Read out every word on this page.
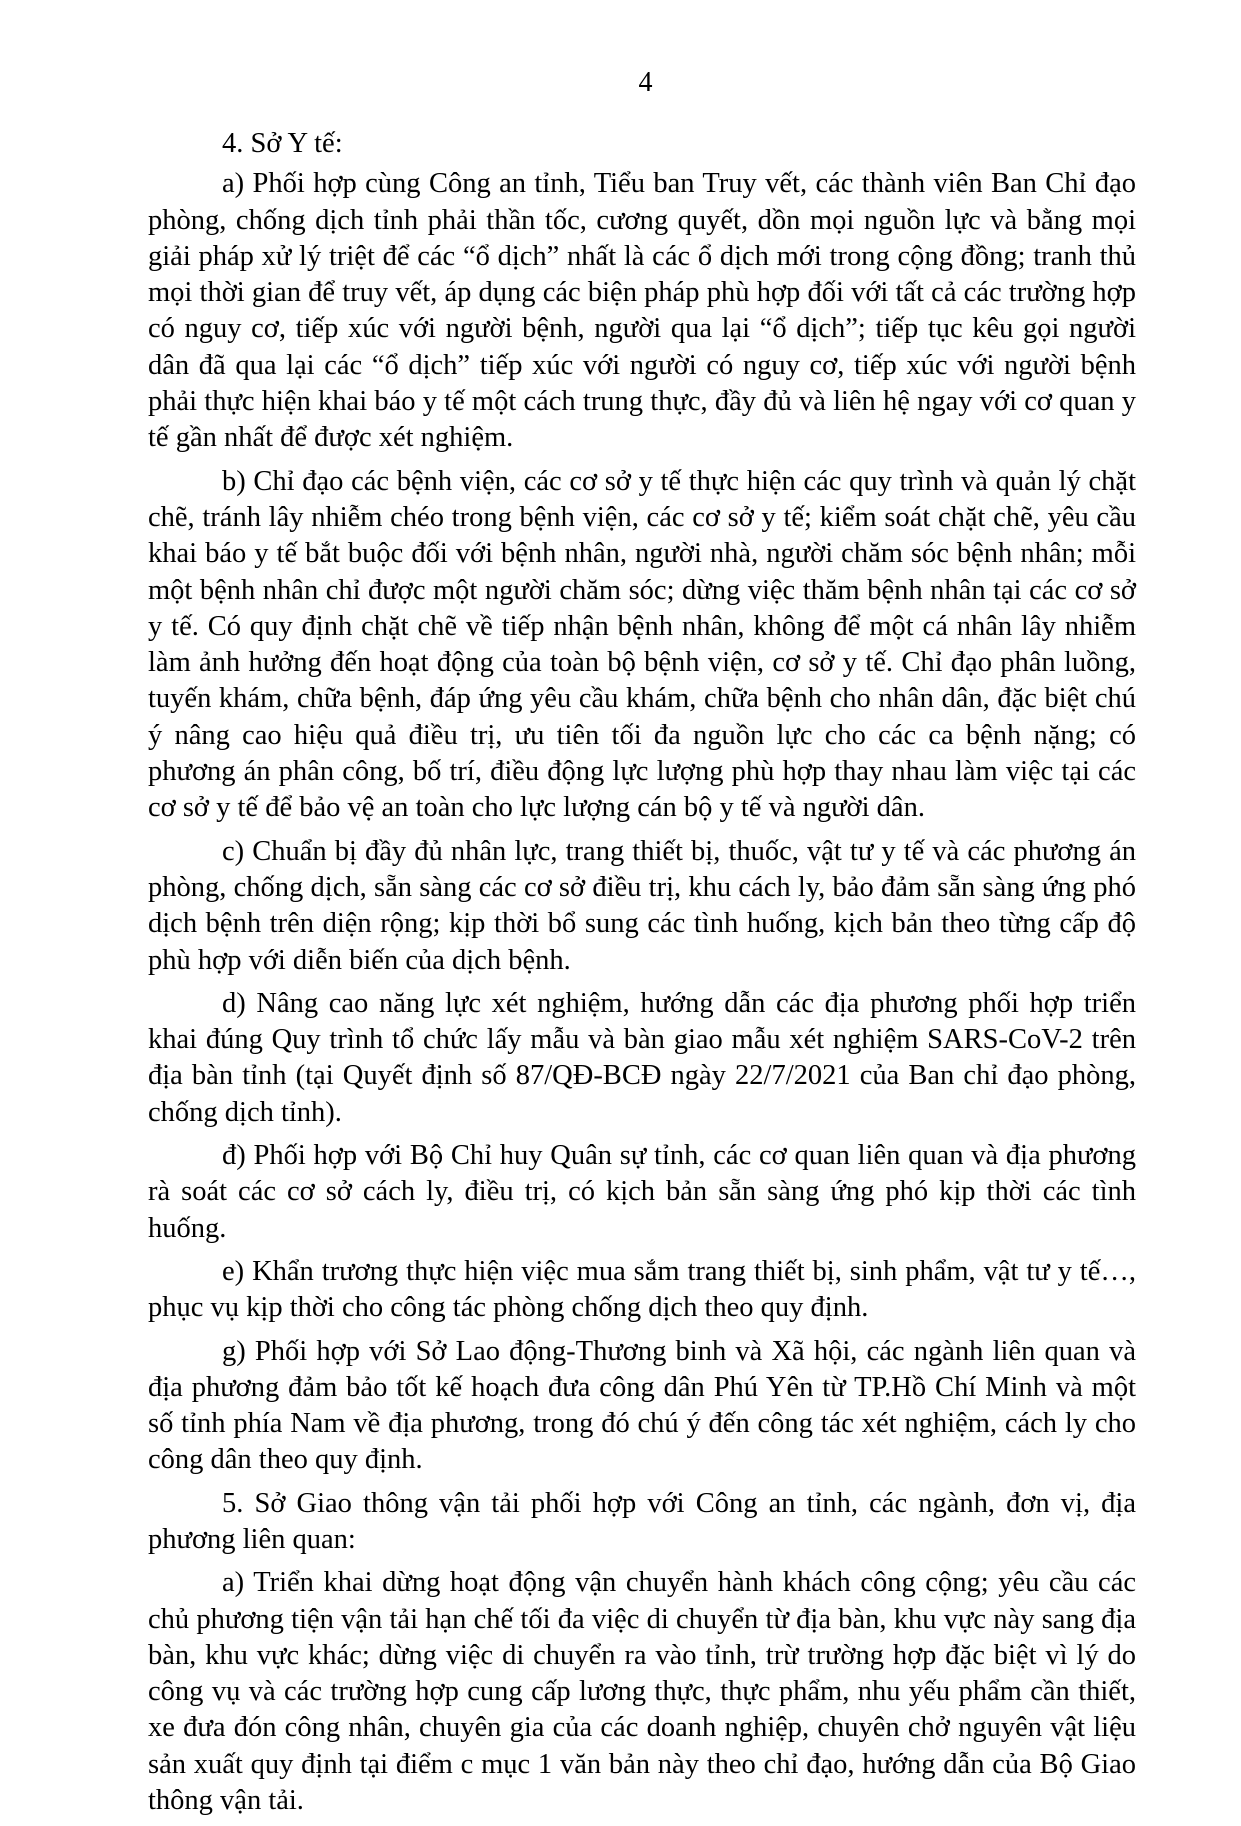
4

4. Sở Y tế:

a) Phối hợp cùng Công an tỉnh, Tiểu ban Truy vết, các thành viên Ban Chỉ đạo phòng, chống dịch tỉnh phải thần tốc, cương quyết, dồn mọi nguồn lực và bằng mọi giải pháp xử lý triệt để các “ổ dịch” nhất là các ổ dịch mới trong cộng đồng; tranh thủ mọi thời gian để truy vết, áp dụng các biện pháp phù hợp đối với tất cả các trường hợp có nguy cơ, tiếp xúc với người bệnh, người qua lại “ổ dịch”; tiếp tục kêu gọi người dân đã qua lại các “ổ dịch” tiếp xúc với người có nguy cơ, tiếp xúc với người bệnh phải thực hiện khai báo y tế một cách trung thực, đầy đủ và liên hệ ngay với cơ quan y tế gần nhất để được xét nghiệm.

b) Chỉ đạo các bệnh viện, các cơ sở y tế thực hiện các quy trình và quản lý chặt chẽ, tránh lây nhiễm chéo trong bệnh viện, các cơ sở y tế; kiểm soát chặt chẽ, yêu cầu khai báo y tế bắt buộc đối với bệnh nhân, người nhà, người chăm sóc bệnh nhân; mỗi một bệnh nhân chỉ được một người chăm sóc; dừng việc thăm bệnh nhân tại các cơ sở y tế. Có quy định chặt chẽ về tiếp nhận bệnh nhân, không để một cá nhân lây nhiễm làm ảnh hưởng đến hoạt động của toàn bộ bệnh viện, cơ sở y tế. Chỉ đạo phân luồng, tuyến khám, chữa bệnh, đáp ứng yêu cầu khám, chữa bệnh cho nhân dân, đặc biệt chú ý nâng cao hiệu quả điều trị, ưu tiên tối đa nguồn lực cho các ca bệnh nặng; có phương án phân công, bố trí, điều động lực lượng phù hợp thay nhau làm việc tại các cơ sở y tế để bảo vệ an toàn cho lực lượng cán bộ y tế và người dân.

c) Chuẩn bị đầy đủ nhân lực, trang thiết bị, thuốc, vật tư y tế và các phương án phòng, chống dịch, sẵn sàng các cơ sở điều trị, khu cách ly, bảo đảm sẵn sàng ứng phó dịch bệnh trên diện rộng; kịp thời bổ sung các tình huống, kịch bản theo từng cấp độ phù hợp với diễn biến của dịch bệnh.

d) Nâng cao năng lực xét nghiệm, hướng dẫn các địa phương phối hợp triển khai đúng Quy trình tổ chức lấy mẫu và bàn giao mẫu xét nghiệm SARS-CoV-2 trên địa bàn tỉnh (tại Quyết định số 87/QĐ-BCĐ ngày 22/7/2021 của Ban chỉ đạo phòng, chống dịch tỉnh).

đ) Phối hợp với Bộ Chỉ huy Quân sự tỉnh, các cơ quan liên quan và địa phương rà soát các cơ sở cách ly, điều trị, có kịch bản sẵn sàng ứng phó kịp thời các tình huống.

e) Khẩn trương thực hiện việc mua sắm trang thiết bị, sinh phẩm, vật tư y tế…, phục vụ kịp thời cho công tác phòng chống dịch theo quy định.

g) Phối hợp với Sở Lao động-Thương binh và Xã hội, các ngành liên quan và địa phương đảm bảo tốt kế hoạch đưa công dân Phú Yên từ TP.Hồ Chí Minh và một số tỉnh phía Nam về địa phương, trong đó chú ý đến công tác xét nghiệm, cách ly cho công dân theo quy định.

5. Sở Giao thông vận tải phối hợp với Công an tỉnh, các ngành, đơn vị, địa phương liên quan:

a) Triển khai dừng hoạt động vận chuyển hành khách công cộng; yêu cầu các chủ phương tiện vận tải hạn chế tối đa việc di chuyển từ địa bàn, khu vực này sang địa bàn, khu vực khác; dừng việc di chuyển ra vào tỉnh, trừ trường hợp đặc biệt vì lý do công vụ và các trường hợp cung cấp lương thực, thực phẩm, nhu yếu phẩm cần thiết, xe đưa đón công nhân, chuyên gia của các doanh nghiệp, chuyên chở nguyên vật liệu sản xuất quy định tại điểm c mục 1 văn bản này theo chỉ đạo, hướng dẫn của Bộ Giao thông vận tải.
